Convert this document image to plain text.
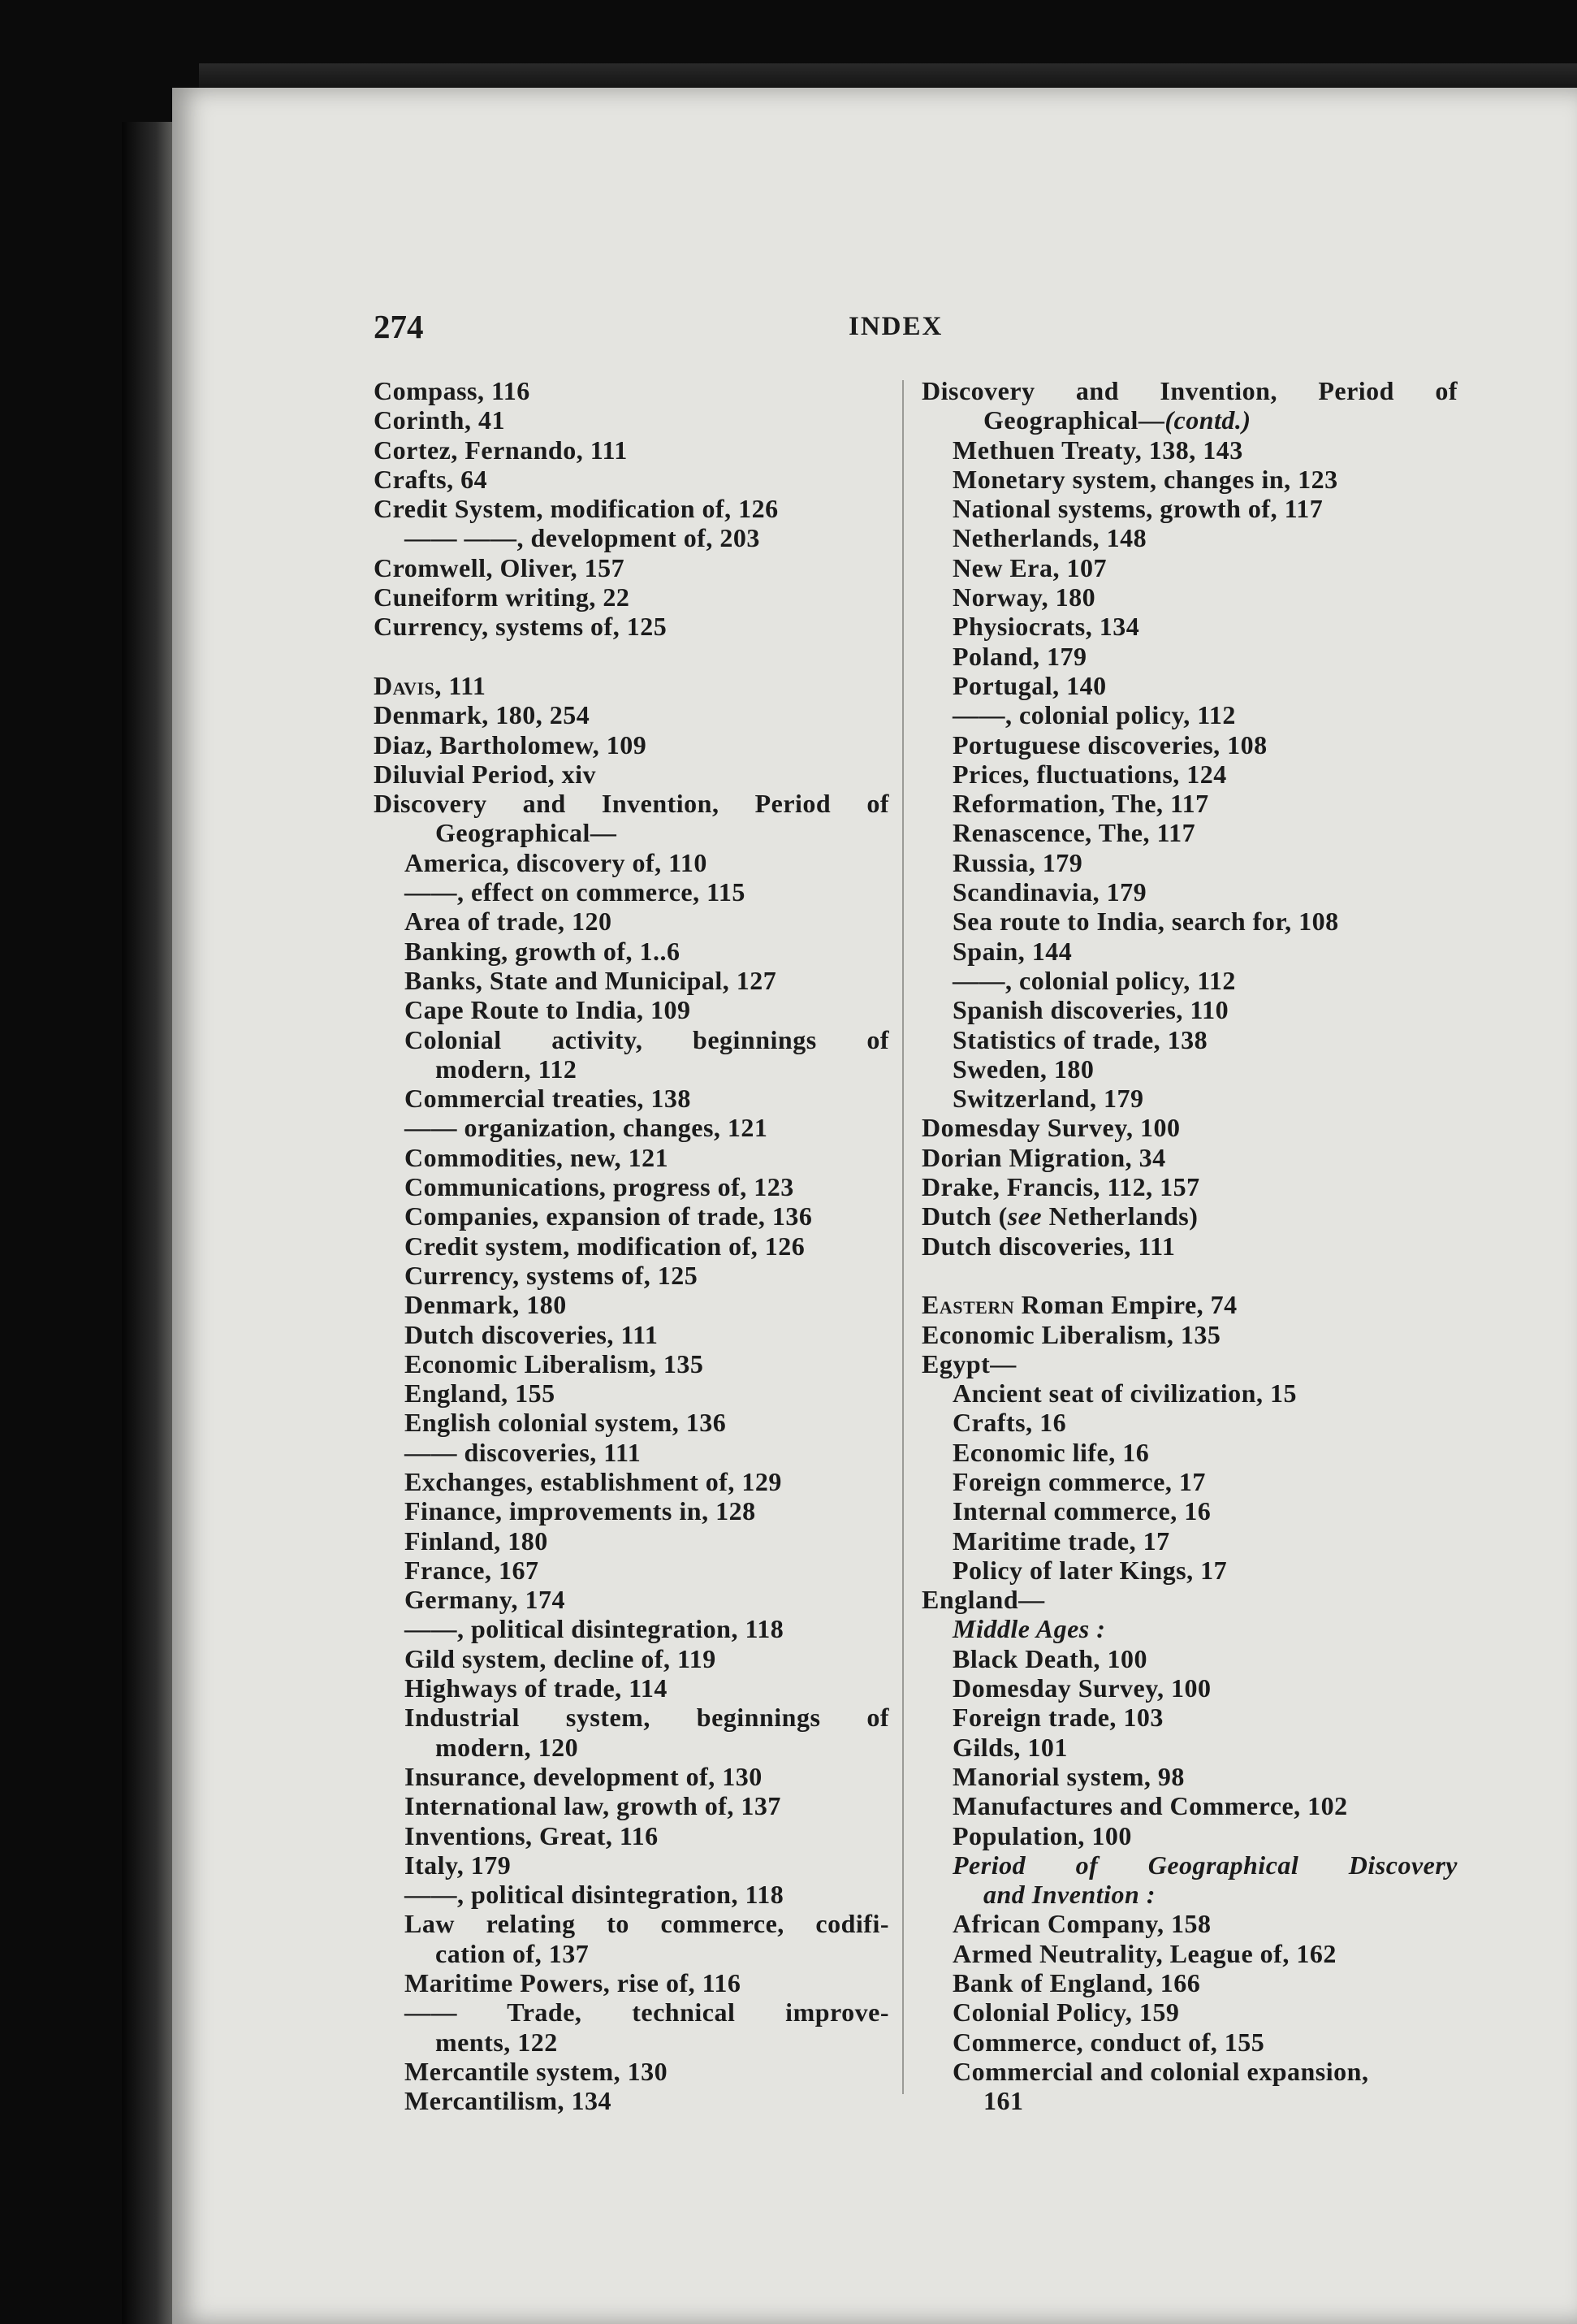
274	INDEX
Compass, 116
Corinth, 41
Cortez, Fernando, 111
Crafts, 64
Credit System, modification of, 126
—— ——, development of, 203
Cromwell, Oliver, 157
Cuneiform writing, 22
Currency, systems of, 125
Davis, 111
Denmark, 180, 254
Diaz, Bartholomew, 109
Diluvial Period, xiv
Discovery and Invention, Period of
Geographical—
America, discovery of, 110
——, effect on commerce, 115
Area of trade, 120
Banking, growth of, 1..6
Banks, State and Municipal, 127
Cape Route to India, 109
Colonial activity, beginnings of
modern, 112
Commercial treaties, 138
—— organization, changes, 121
Commodities, new, 121
Communications, progress of, 123
Companies, expansion of trade, 136
Credit system, modification of, 126
Currency, systems of, 125
Denmark, 180
Dutch discoveries, 111
Economic Liberalism, 135
England, 155
English colonial system, 136
—— discoveries, 111
Exchanges, establishment of, 129
Finance, improvements in, 128
Finland, 180
France, 167
Germany, 174
——, political disintegration, 118
Gild system, decline of, 119
Highways of trade, 114
Industrial system, beginnings of
modern, 120
Insurance, development of, 130
International law, growth of, 137
Inventions, Great, 116
Italy, 179
——, political disintegration, 118
Law relating to commerce, codifi-
cation of, 137
Maritime Powers, rise of, 116
—— Trade, technical improve-
ments, 122
Mercantile system, 130
Mercantilism, 134
Discovery and Invention, Period of
Geographical—(contd.)
Methuen Treaty, 138, 143
Monetary system, changes in, 123
National systems, growth of, 117
Netherlands, 148
New Era, 107
Norway, 180
Physiocrats, 134
Poland, 179
Portugal, 140
——, colonial policy, 112
Portuguese discoveries, 108
Prices, fluctuations, 124
Reformation, The, 117
Renascence, The, 117
Russia, 179
Scandinavia, 179
Sea route to India, search for, 108
Spain, 144
——, colonial policy, 112
Spanish discoveries, 110
Statistics of trade, 138
Sweden, 180
Switzerland, 179
Domesday Survey, 100
Dorian Migration, 34
Drake, Francis, 112, 157
Dutch (see Netherlands)
Dutch discoveries, 111
Eastern Roman Empire, 74
Economic Liberalism, 135
Egypt—
Ancient seat of civilization, 15
Crafts, 16
Economic life, 16
Foreign commerce, 17
Internal commerce, 16
Maritime trade, 17
Policy of later Kings, 17
England—
Middle Ages :
Black Death, 100
Domesday Survey, 100
Foreign trade, 103
Gilds, 101
Manorial system, 98
Manufactures and Commerce, 102
Population, 100
Period of Geographical Discovery
and Invention :
African Company, 158
Armed Neutrality, League of, 162
Bank of England, 166
Colonial Policy, 159
Commerce, conduct of, 155
Commercial and colonial expansion,
161
